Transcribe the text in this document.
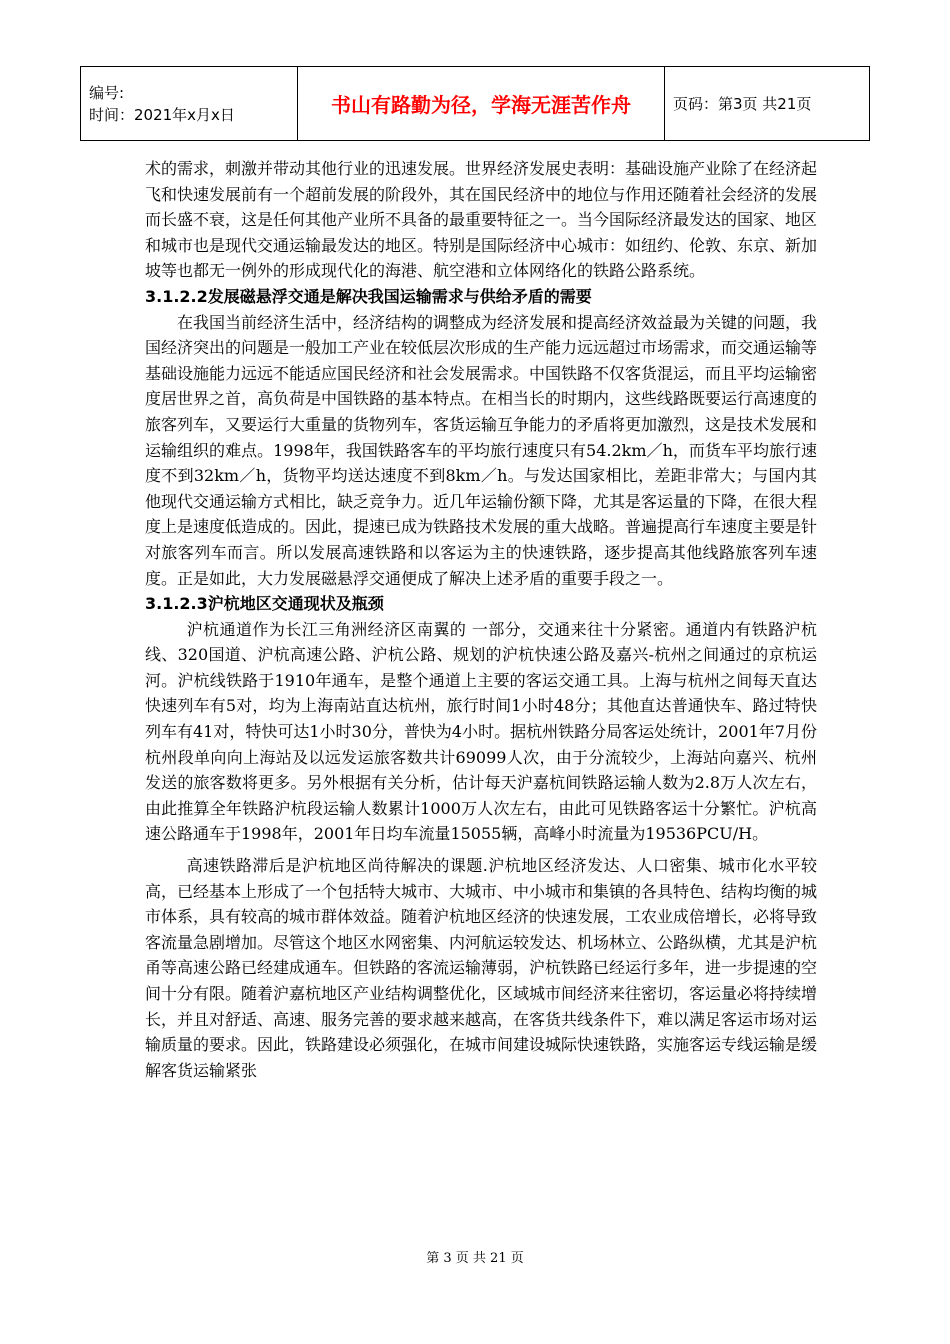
编号:
时间：2021年x月x日	书山有路勤为径，学海无涯苦作舟	页码：第3页 共21页

术的需求，刺激并带动其他行业的迅速发展。世界经济发展史表明：基础设施产业除了在经济起飞和快速发展前有一个超前发展的阶段外，其在国民经济中的地位与作用还随着社会经济的发展而长盛不衰，这是任何其他产业所不具备的最重要特征之一。当今国际经济最发达的国家、地区和城市也是现代交通运输最发达的地区。特别是国际经济中心城市：如纽约、伦敦、东京、新加坡等也都无一例外的形成现代化的海港、航空港和立体网络化的铁路公路系统。

3.1.2.2发展磁悬浮交通是解决我国运输需求与供给矛盾的需要

在我国当前经济生活中，经济结构的调整成为经济发展和提高经济效益最为关键的问题，我国经济突出的问题是一般加工产业在较低层次形成的生产能力远远超过市场需求，而交通运输等基础设施能力远远不能适应国民经济和社会发展需求。中国铁路不仅客货混运，而且平均运输密度居世界之首，高负荷是中国铁路的基本特点。在相当长的时期内，这些线路既要运行高速度的旅客列车，又要运行大重量的货物列车，客货运输互争能力的矛盾将更加激烈，这是技术发展和运输组织的难点。1998年，我国铁路客车的平均旅行速度只有54.2km／h，而货车平均旅行速度不到32km／h，货物平均送达速度不到8km／h。与发达国家相比，差距非常大；与国内其他现代交通运输方式相比，缺乏竞争力。近几年运输份额下降，尤其是客运量的下降，在很大程度上是速度低造成的。因此，提速已成为铁路技术发展的重大战略。普遍提高行车速度主要是针对旅客列车而言。所以发展高速铁路和以客运为主的快速铁路，逐步提高其他线路旅客列车速度。正是如此，大力发展磁悬浮交通便成了解决上述矛盾的重要手段之一。

3.1.2.3沪杭地区交通现状及瓶颈

沪杭通道作为长江三角洲经济区南翼的 一部分，交通来往十分紧密。通道内有铁路沪杭线、320国道、沪杭高速公路、沪杭公路、规划的沪杭快速公路及嘉兴-杭州之间通过的京杭运河。沪杭线铁路于1910年通车，是整个通道上主要的客运交通工具。上海与杭州之间每天直达快速列车有5对，均为上海南站直达杭州，旅行时间1小时48分；其他直达普通快车、路过特快列车有41对，特快可达1小时30分，普快为4小时。据杭州铁路分局客运处统计，2001年7月份杭州段单向向上海站及以远发运旅客数共计69099人次，由于分流较少，上海站向嘉兴、杭州发送的旅客数将更多。另外根据有关分析，估计每天沪嘉杭间铁路运输人数为2.8万人次左右，由此推算全年铁路沪杭段运输人数累计1000万人次左右，由此可见铁路客运十分繁忙。沪杭高速公路通车于1998年，2001年日均车流量15055辆，高峰小时流量为19536PCU/H。

高速铁路滞后是沪杭地区尚待解决的课题.沪杭地区经济发达、人口密集、城市化水平较高，已经基本上形成了一个包括特大城市、大城市、中小城市和集镇的各具特色、结构均衡的城市体系，具有较高的城市群体效益。随着沪杭地区经济的快速发展，工农业成倍增长，必将导致客流量急剧增加。尽管这个地区水网密集、内河航运较发达、机场林立、公路纵横，尤其是沪杭甬等高速公路已经建成通车。但铁路的客流运输薄弱，沪杭铁路已经运行多年，进一步提速的空间十分有限。随着沪嘉杭地区产业结构调整优化，区域城市间经济来往密切，客运量必将持续增长，并且对舒适、高速、服务完善的要求越来越高，在客货共线条件下，难以满足客运市场对运输质量的要求。因此，铁路建设必须强化，在城市间建设城际快速铁路，实施客运专线运输是缓解客货运输紧张

第 3 页 共 21 页
